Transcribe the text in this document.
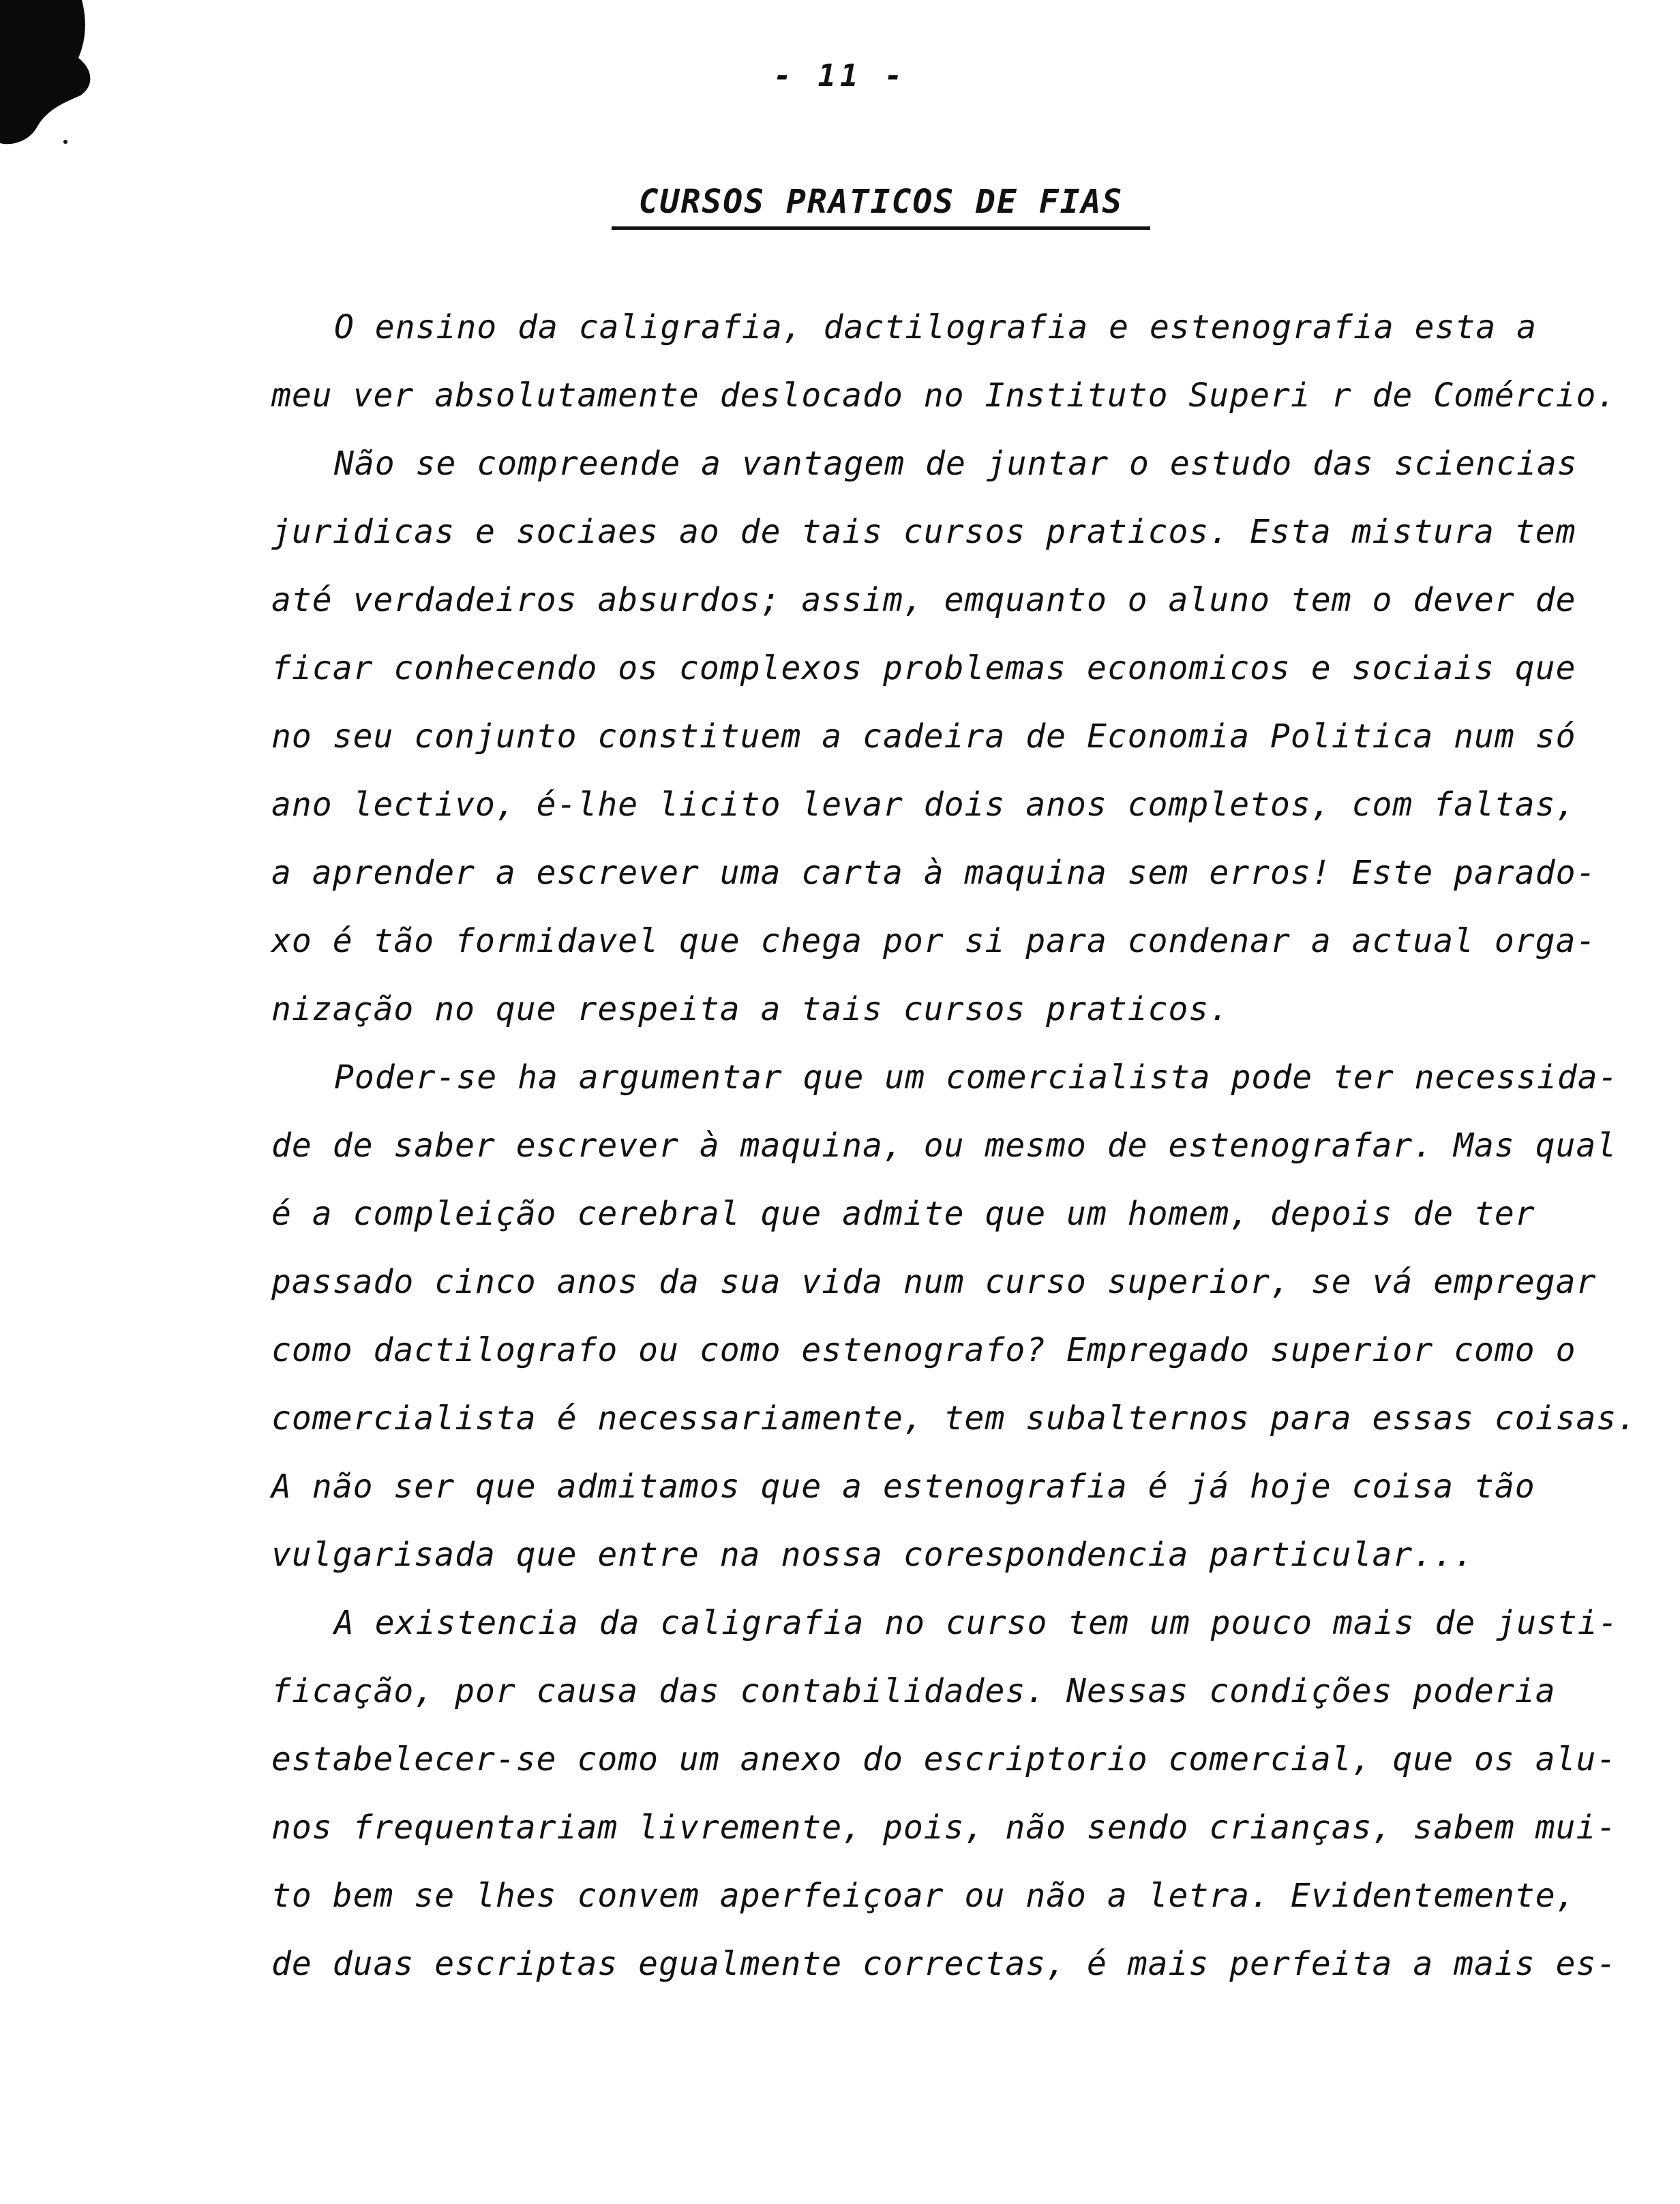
- 11 -
CURSOS PRATICOS DE FIAS
O ensino da caligrafia, dactilografia e estenografia esta a
meu ver absolutamente deslocado no Instituto Superi r de Comércio.
Não se compreende a vantagem de juntar o estudo das sciencias
juridicas e sociaes ao de tais cursos praticos. Esta mistura tem
até verdadeiros absurdos; assim, emquanto o aluno tem o dever de
ficar conhecendo os complexos problemas economicos e sociais que
no seu conjunto constituem a cadeira de Economia Politica num só
ano lectivo, é-lhe licito levar dois anos completos, com faltas,
a aprender a escrever uma carta à maquina sem erros! Este parado-
xo é tão formidavel que chega por si para condenar a actual orga-
nização no que respeita a tais cursos praticos.
Poder-se ha argumentar que um comercialista pode ter necessida-
de de saber escrever à maquina, ou mesmo de estenografar. Mas qual
é a compleição cerebral que admite que um homem, depois de ter
passado cinco anos da sua vida num curso superior, se vá empregar
como dactilografo ou como estenografo? Empregado superior como o
comercialista é necessariamente, tem subalternos para essas coisas.
A não ser que admitamos que a estenografia é já hoje coisa tão
vulgarisada que entre na nossa corespondencia particular...
A existencia da caligrafia no curso tem um pouco mais de justi-
ficação, por causa das contabilidades. Nessas condições poderia
estabelecer-se como um anexo do escriptorio comercial, que os alu-
nos frequentariam livremente, pois, não sendo crianças, sabem mui-
to bem se lhes convem aperfeiçoar ou não a letra. Evidentemente,
de duas escriptas egualmente correctas, é mais perfeita a mais es-
